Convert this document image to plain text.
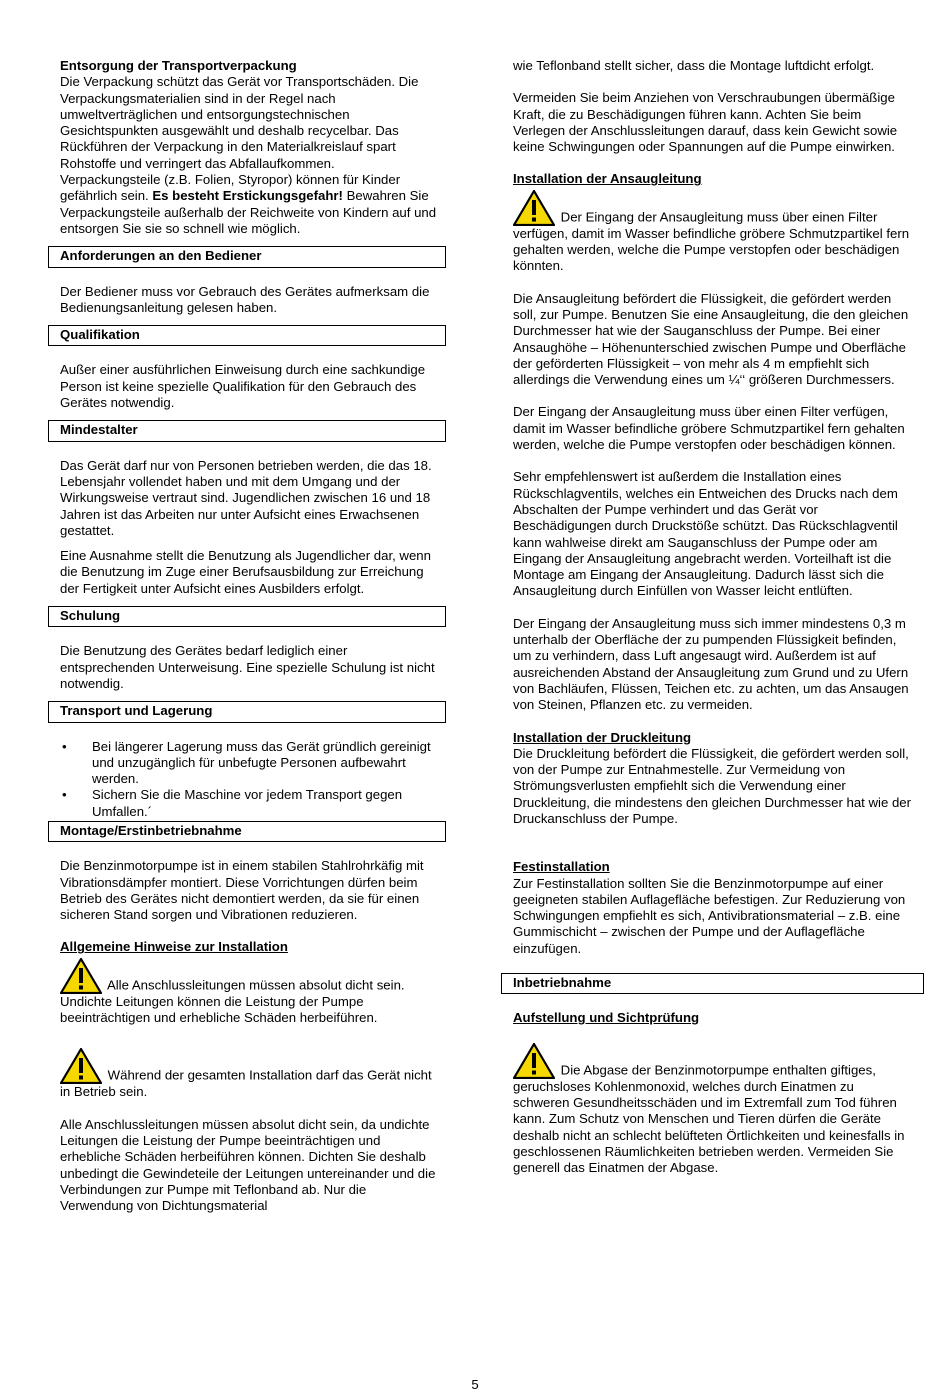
Entsorgung der Transportverpackung

Die Verpackung schützt das Gerät vor Transportschäden. Die Verpackungsmaterialien sind in der Regel nach umweltverträglichen und entsorgungstechnischen Gesichtspunkten ausgewählt und deshalb recycelbar. Das Rückführen der Verpackung in den Materialkreislauf spart Rohstoffe und verringert das Abfallaufkommen. Verpackungsteile (z.B. Folien, Styropor) können für Kinder gefährlich sein. Es besteht Erstickungsgefahr! Bewahren Sie Verpackungsteile außerhalb der Reichweite von Kindern auf und entsorgen Sie sie so schnell wie möglich.

Anforderungen an den Bediener

Der Bediener muss vor Gebrauch des Gerätes aufmerksam die Bedienungsanleitung gelesen haben.

Qualifikation

Außer einer ausführlichen Einweisung durch eine sachkundige Person ist keine spezielle Qualifikation für den Gebrauch des Gerätes notwendig.

Mindestalter

Das Gerät darf nur von Personen betrieben werden, die das 18. Lebensjahr vollendet haben und mit dem Umgang und der Wirkungsweise vertraut sind. Jugendlichen zwischen 16 und 18 Jahren ist das Arbeiten nur unter Aufsicht eines Erwachsenen gestattet.

Eine Ausnahme stellt die Benutzung als Jugendlicher dar, wenn die Benutzung im Zuge einer Berufsausbildung zur Erreichung der Fertigkeit unter Aufsicht eines Ausbilders erfolgt.

Schulung

Die Benutzung des Gerätes bedarf lediglich einer entsprechenden Unterweisung. Eine spezielle Schulung ist nicht notwendig.

Transport und Lagerung
• Bei längerer Lagerung muss das Gerät gründlich gereinigt und unzugänglich für unbefugte Personen aufbewahrt werden.
• Sichern Sie die Maschine vor jedem Transport gegen Umfallen.´
Montage/Erstinbetriebnahme

Die Benzinmotorpumpe ist in einem stabilen Stahlrohrkäfig mit Vibrationsdämpfer montiert. Diese Vorrichtungen dürfen beim Betrieb des Gerätes nicht demontiert werden, da sie für einen sicheren Stand sorgen und Vibrationen reduzieren.

Allgemeine Hinweise zur Installation

Alle Anschlussleitungen müssen absolut dicht sein. Undichte Leitungen können die Leistung der Pumpe beeinträchtigen und erhebliche Schäden herbeiführen.

Während der gesamten Installation darf das Gerät nicht in Betrieb sein.

Alle Anschlussleitungen müssen absolut dicht sein, da undichte Leitungen die Leistung der Pumpe beeinträchtigen und erhebliche Schäden herbeiführen können. Dichten Sie deshalb unbedingt die Gewindeteile der Leitungen untereinander und die Verbindungen zur Pumpe mit Teflonband ab. Nur die Verwendung von Dichtungsmaterial

wie Teflonband stellt sicher, dass die Montage luftdicht erfolgt.

Vermeiden Sie beim Anziehen von Verschraubungen übermäßige Kraft, die zu Beschädigungen führen kann. Achten Sie beim Verlegen der Anschlussleitungen darauf, dass kein Gewicht sowie keine Schwingungen oder Spannungen auf die Pumpe einwirken.

Installation der Ansaugleitung

Der Eingang der Ansaugleitung muss über einen Filter verfügen, damit im Wasser befindliche gröbere Schmutzpartikel fern gehalten werden, welche die Pumpe verstopfen oder beschädigen könnten.

Die Ansaugleitung befördert die Flüssigkeit, die gefördert werden soll, zur Pumpe. Benutzen Sie eine Ansaugleitung, die den gleichen Durchmesser hat wie der Sauganschluss der Pumpe. Bei einer Ansaughöhe – Höhenunterschied zwischen Pumpe und Oberfläche der geförderten Flüssigkeit – von mehr als 4 m empfiehlt sich allerdings die Verwendung eines um ¼‘‘ größeren Durchmessers.

Der Eingang der Ansaugleitung muss über einen Filter verfügen, damit im Wasser befindliche gröbere Schmutzpartikel fern gehalten werden, welche die Pumpe verstopfen oder beschädigen können.

Sehr empfehlenswert ist außerdem die Installation eines Rückschlagventils, welches ein Entweichen des Drucks nach dem Abschalten der Pumpe verhindert und das Gerät vor Beschädigungen durch Druckstöße schützt. Das Rückschlagventil kann wahlweise direkt am Sauganschluss der Pumpe oder am Eingang der Ansaugleitung angebracht werden. Vorteilhaft ist die Montage am Eingang der Ansaugleitung. Dadurch lässt sich die Ansaugleitung durch Einfüllen von Wasser leicht entlüften.

Der Eingang der Ansaugleitung muss sich immer mindestens 0,3 m unterhalb der Oberfläche der zu pumpenden Flüssigkeit befinden, um zu verhindern, dass Luft angesaugt wird. Außerdem ist auf ausreichenden Abstand der Ansaugleitung zum Grund und zu Ufern von Bachläufen, Flüssen, Teichen etc. zu achten, um das Ansaugen von Steinen, Pflanzen etc. zu vermeiden.

Installation der Druckleitung

Die Druckleitung befördert die Flüssigkeit, die gefördert werden soll, von der Pumpe zur Entnahmestelle. Zur Vermeidung von Strömungsverlusten empfiehlt sich die Verwendung einer Druckleitung, die mindestens den gleichen Durchmesser hat wie der Druckanschluss der Pumpe.

Festinstallation

Zur Festinstallation sollten Sie die Benzinmotorpumpe auf einer geeigneten stabilen Auflagefläche befestigen. Zur Reduzierung von Schwingungen empfiehlt es sich, Antivibrationsmaterial – z.B. eine Gummischicht – zwischen der Pumpe und der Auflagefläche einzufügen.

Inbetriebnahme

Aufstellung und Sichtprüfung

Die Abgase der Benzinmotorpumpe enthalten giftiges, geruchsloses Kohlenmonoxid, welches durch Einatmen zu schweren Gesundheitsschäden und im Extremfall zum Tod führen kann. Zum Schutz von Menschen und Tieren dürfen die Geräte deshalb nicht an schlecht belüfteten Örtlichkeiten und keinesfalls in geschlossenen Räumlichkeiten betrieben werden. Vermeiden Sie generell das Einatmen der Abgase.

5
